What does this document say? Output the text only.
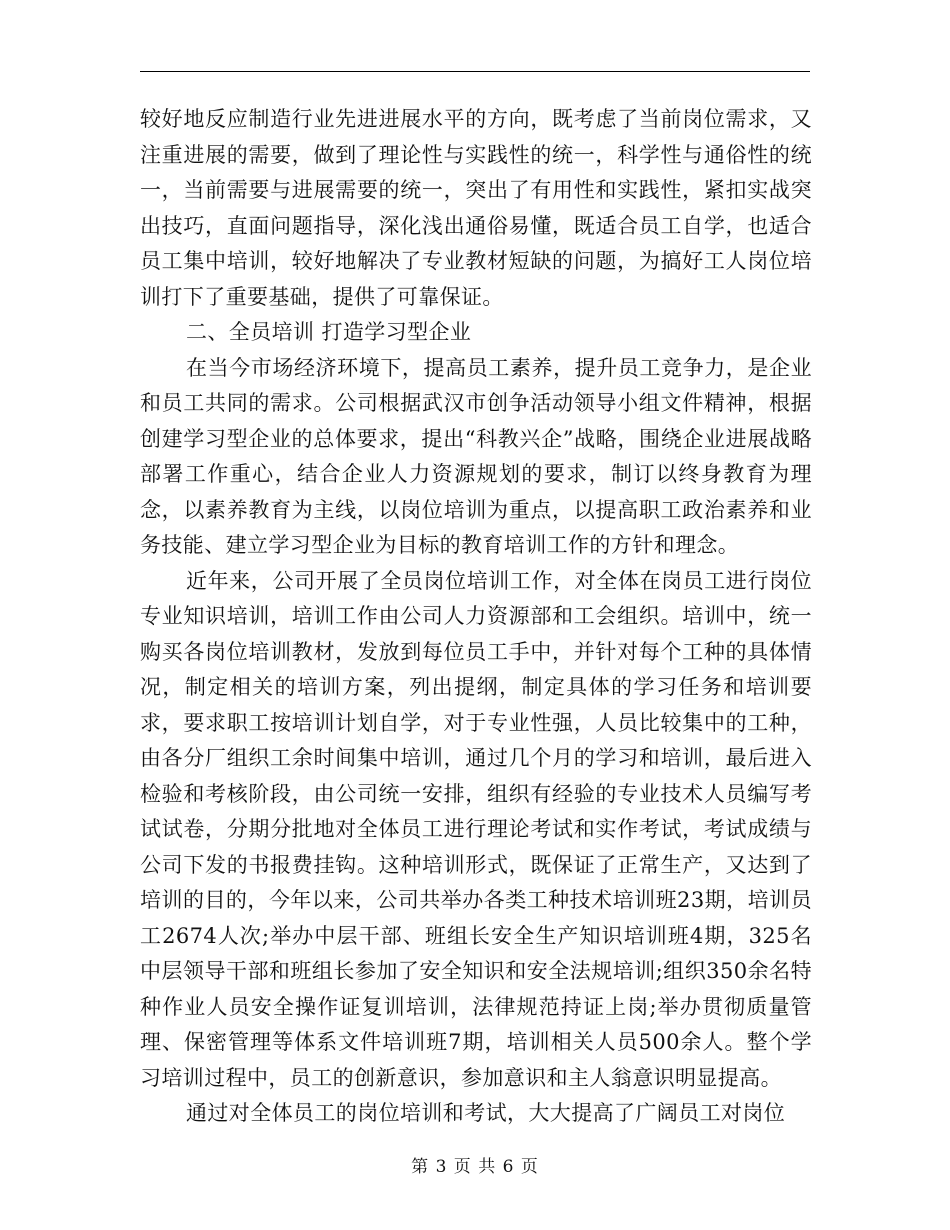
较好地反应制造行业先进进展水平的方向，既考虑了当前岗位需求，又注重进展的需要，做到了理论性与实践性的统一，科学性与通俗性的统一，当前需要与进展需要的统一，突出了有用性和实践性，紧扣实战突出技巧，直面问题指导，深化浅出通俗易懂，既适合员工自学，也适合员工集中培训，较好地解决了专业教材短缺的问题，为搞好工人岗位培训打下了重要基础，提供了可靠保证。

二、全员培训 打造学习型企业

在当今市场经济环境下，提高员工素养，提升员工竞争力，是企业和员工共同的需求。公司根据武汉市创争活动领导小组文件精神，根据创建学习型企业的总体要求，提出“科教兴企”战略，围绕企业进展战略部署工作重心，结合企业人力资源规划的要求，制订以终身教育为理念，以素养教育为主线，以岗位培训为重点，以提高职工政治素养和业务技能、建立学习型企业为目标的教育培训工作的方针和理念。

近年来，公司开展了全员岗位培训工作，对全体在岗员工进行岗位专业知识培训，培训工作由公司人力资源部和工会组织。培训中，统一购买各岗位培训教材，发放到每位员工手中，并针对每个工种的具体情况，制定相关的培训方案，列出提纲，制定具体的学习任务和培训要求，要求职工按培训计划自学，对于专业性强，人员比较集中的工种，由各分厂组织工余时间集中培训，通过几个月的学习和培训，最后进入检验和考核阶段，由公司统一安排，组织有经验的专业技术人员编写考试试卷，分期分批地对全体员工进行理论考试和实作考试，考试成绩与公司下发的书报费挂钩。这种培训形式，既保证了正常生产，又达到了培训的目的，今年以来，公司共举办各类工种技术培训班23期，培训员工2674人次;举办中层干部、班组长安全生产知识培训班4期，325名中层领导干部和班组长参加了安全知识和安全法规培训;组织350余名特种作业人员安全操作证复训培训，法律规范持证上岗;举办贯彻质量管理、保密管理等体系文件培训班7期，培训相关人员500余人。整个学习培训过程中，员工的创新意识，参加意识和主人翁意识明显提高。

通过对全体员工的岗位培训和考试，大大提高了广阔员工对岗位

第 3 页 共 6 页
